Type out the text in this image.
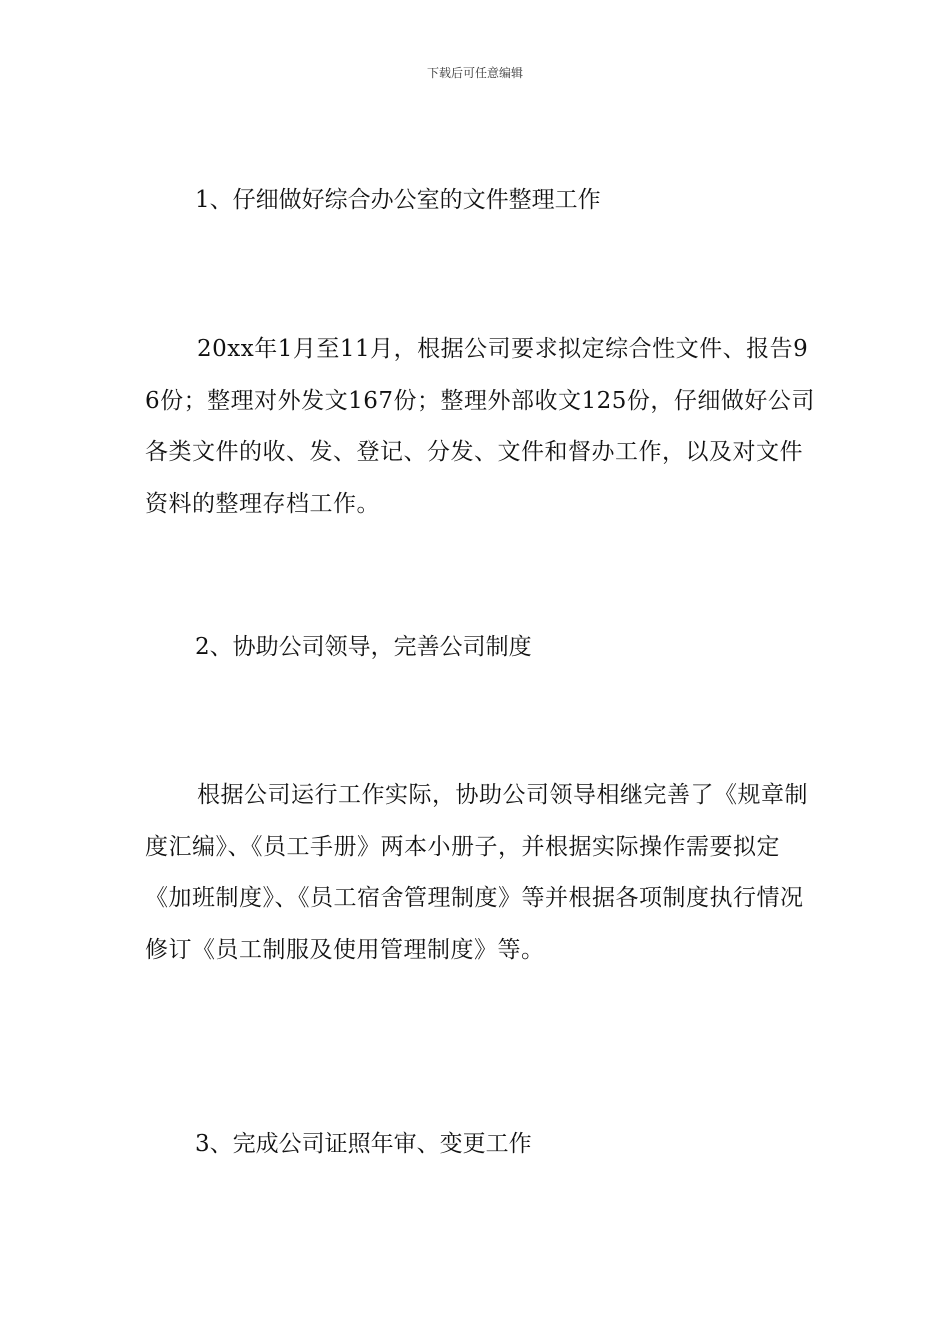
下载后可任意编辑
1、仔细做好综合办公室的文件整理工作
20xx年1月至11月，根据公司要求拟定综合性文件、报告96份；整理对外发文167份；整理外部收文125份，仔细做好公司各类文件的收、发、登记、分发、文件和督办工作，以及对文件资料的整理存档工作。
2、协助公司领导，完善公司制度
根据公司运行工作实际，协助公司领导相继完善了《规章制度汇编》、《员工手册》两本小册子，并根据实际操作需要拟定《加班制度》、《员工宿舍管理制度》等并根据各项制度执行情况修订《员工制服及使用管理制度》等。
3、完成公司证照年审、变更工作
